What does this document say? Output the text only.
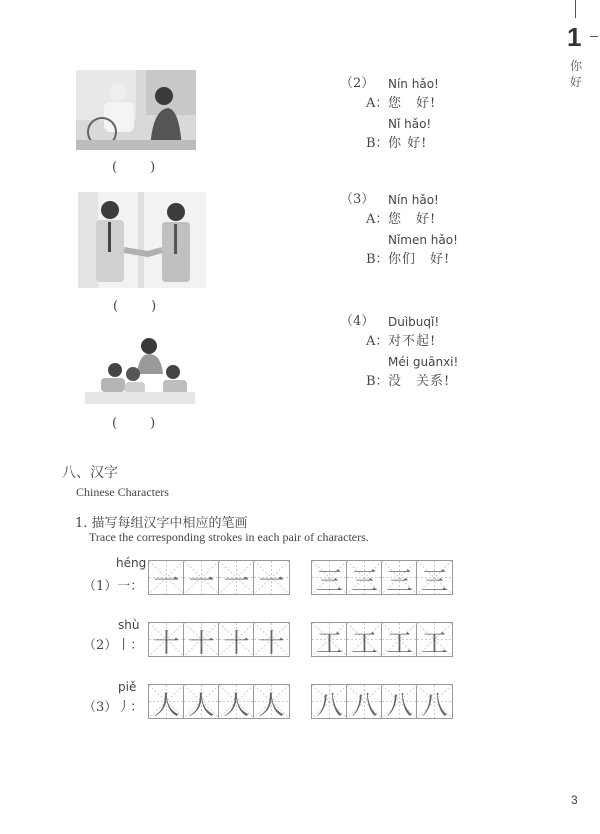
1
你
好
(        )
(        )
(        )
（2） Nín hǎo!
A： 您　好!
Nǐ hǎo!
B： 你 好!
（3） Nín hǎo!
A： 您　好!
Nǐmen hǎo!
B： 你们　好!
（4） Duìbuqǐ!
A： 对不起!
Méi guānxi!
B： 没　关系!
八、汉字
Chinese Characters
1. 描写每组汉字中相应的笔画
Trace the corresponding strokes in each pair of characters.
héng
（1）一： 一 一 一 一 三 三 三 三
shù
（2）丨： 十 十 十 十 工 工 工 工
piě
（3）丿： 人 人 人 人 八 八 八 八
3
